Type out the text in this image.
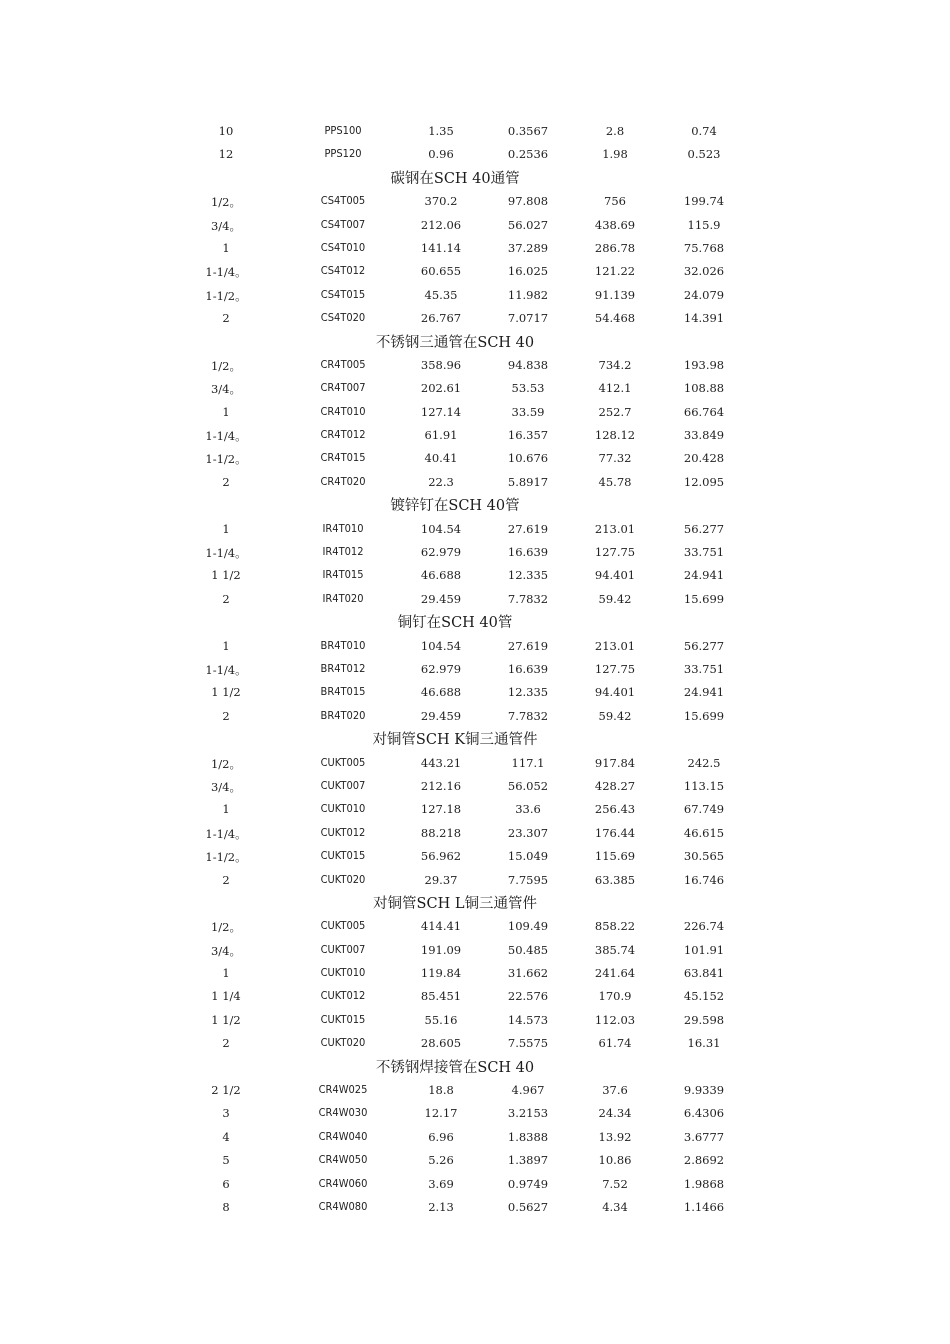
10	PPS100	1.35	0.3567	2.8	0.74
12	PPS120	0.96	0.2536	1.98	0.523
碳钢在SCH 40通管
1/2。	CS4T005	370.2	97.808	756	199.74
3/4。	CS4T007	212.06	56.027	438.69	115.9
1	CS4T010	141.14	37.289	286.78	75.768
1-1/4。	CS4T012	60.655	16.025	121.22	32.026
1-1/2。	CS4T015	45.35	11.982	91.139	24.079
2	CS4T020	26.767	7.0717	54.468	14.391
不锈钢三通管在SCH 40
1/2。	CR4T005	358.96	94.838	734.2	193.98
3/4。	CR4T007	202.61	53.53	412.1	108.88
1	CR4T010	127.14	33.59	252.7	66.764
1-1/4。	CR4T012	61.91	16.357	128.12	33.849
1-1/2。	CR4T015	40.41	10.676	77.32	20.428
2	CR4T020	22.3	5.8917	45.78	12.095
镀锌钉在SCH 40管
1	IR4T010	104.54	27.619	213.01	56.277
1-1/4。	IR4T012	62.979	16.639	127.75	33.751
1 1/2	IR4T015	46.688	12.335	94.401	24.941
2	IR4T020	29.459	7.7832	59.42	15.699
铜钉在SCH 40管
1	BR4T010	104.54	27.619	213.01	56.277
1-1/4。	BR4T012	62.979	16.639	127.75	33.751
1 1/2	BR4T015	46.688	12.335	94.401	24.941
2	BR4T020	29.459	7.7832	59.42	15.699
对铜管SCH K铜三通管件
1/2。	CUKT005	443.21	117.1	917.84	242.5
3/4。	CUKT007	212.16	56.052	428.27	113.15
1	CUKT010	127.18	33.6	256.43	67.749
1-1/4。	CUKT012	88.218	23.307	176.44	46.615
1-1/2。	CUKT015	56.962	15.049	115.69	30.565
2	CUKT020	29.37	7.7595	63.385	16.746
对铜管SCH L铜三通管件
1/2。	CUKT005	414.41	109.49	858.22	226.74
3/4。	CUKT007	191.09	50.485	385.74	101.91
1	CUKT010	119.84	31.662	241.64	63.841
1 1/4	CUKT012	85.451	22.576	170.9	45.152
1 1/2	CUKT015	55.16	14.573	112.03	29.598
2	CUKT020	28.605	7.5575	61.74	16.31
不锈钢焊接管在SCH 40
2 1/2	CR4W025	18.8	4.967	37.6	9.9339
3	CR4W030	12.17	3.2153	24.34	6.4306
4	CR4W040	6.96	1.8388	13.92	3.6777
5	CR4W050	5.26	1.3897	10.86	2.8692
6	CR4W060	3.69	0.9749	7.52	1.9868
8	CR4W080	2.13	0.5627	4.34	1.1466
